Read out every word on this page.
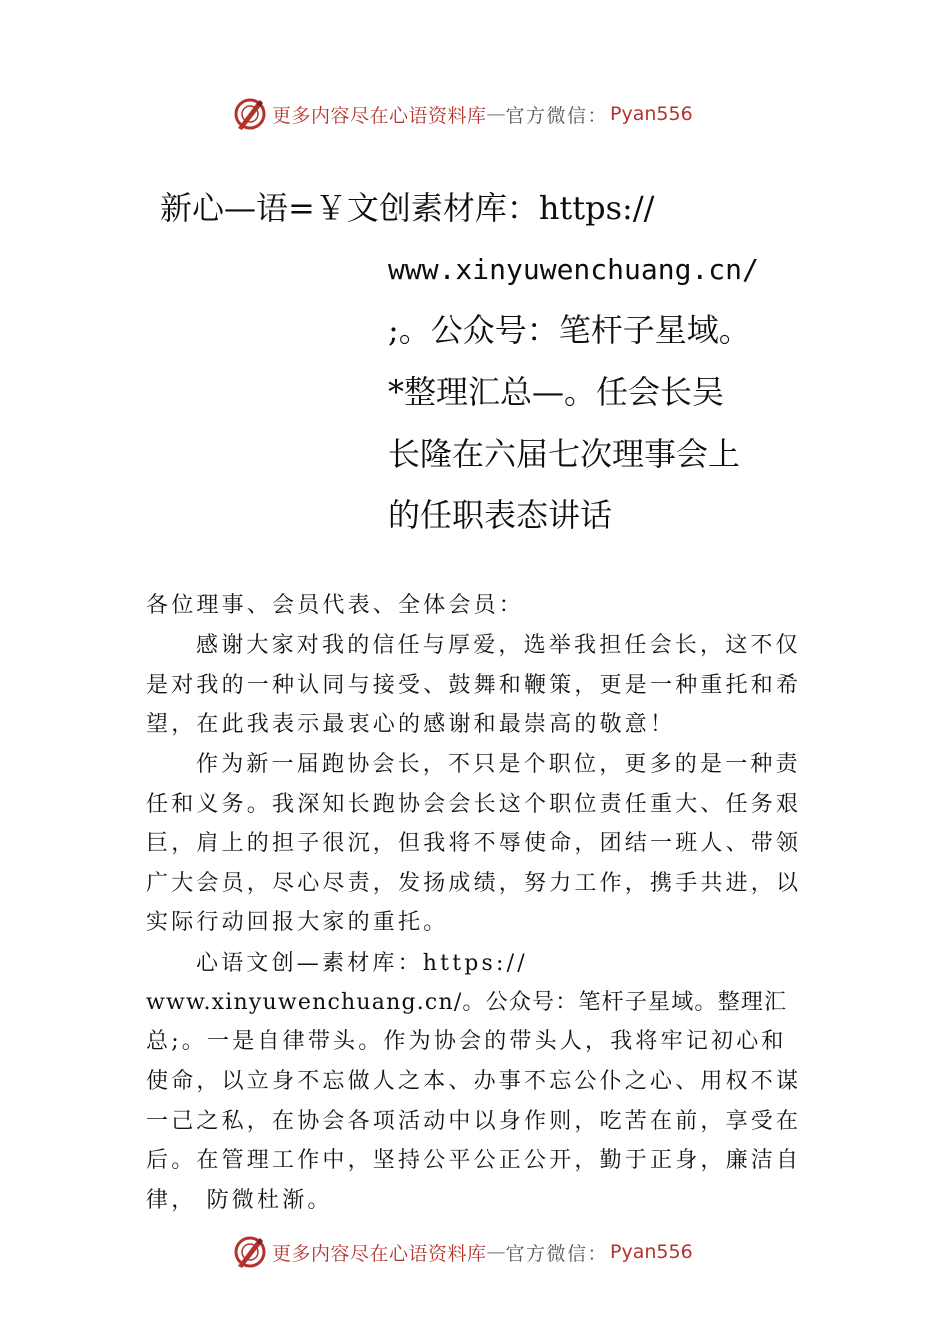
更多内容尽在心语资料库 — 官方微信： Pyan556
新心—语=￥文创素材库：https://
www.xinyuwenchuang.cn/
;。公众号：笔杆子星域。
*整理汇总—。任会长吴
长隆在六届七次理事会上
的任职表态讲话
各位理事、会员代表、全体会员：
感谢大家对我的信任与厚爱，选举我担任会长，这不仅
是对我的一种认同与接受、鼓舞和鞭策，更是一种重托和希
望，在此我表示最衷心的感谢和最崇高的敬意！
作为新一届跑协会长，不只是个职位，更多的是一种责
任和义务。我深知长跑协会会长这个职位责任重大、任务艰
巨，肩上的担子很沉，但我将不辱使命，团结一班人、带领
广大会员，尽心尽责，发扬成绩，努力工作，携手共进，以
实际行动回报大家的重托。
心语文创—素材库：https://
www.xinyuwenchuang.cn/。公众号：笔杆子星域。整理汇
总;。一是自律带头。作为协会的带头人，我将牢记初心和
使命，以立身不忘做人之本、办事不忘公仆之心、用权不谋
一己之私，在协会各项活动中以身作则，吃苦在前，享受在
后。在管理工作中，坚持公平公正公开，勤于正身，廉洁自
律， 防微杜渐。
更多内容尽在心语资料库 — 官方微信： Pyan556
